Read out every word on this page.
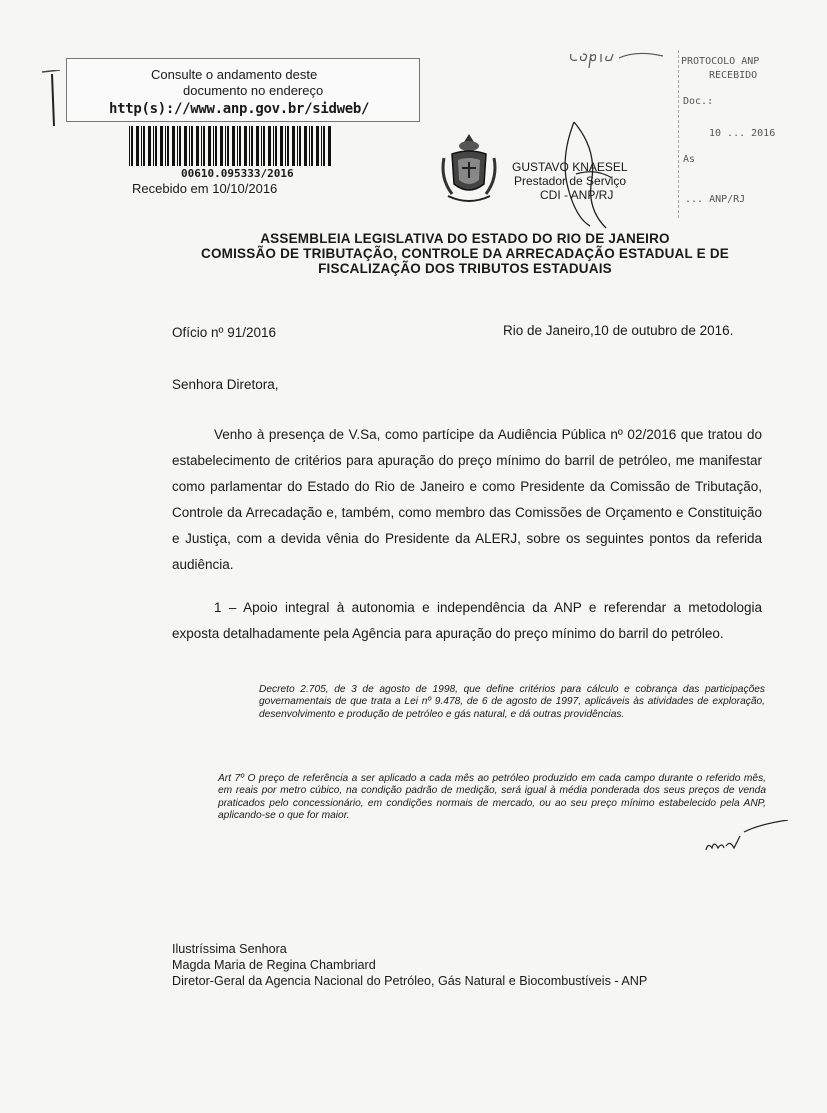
Consulte o andamento deste
documento no endereço
http(s)://www.anp.gov.br/sidweb/
00610.095333/2016
Recebido em 10/10/2016
GUSTAVO KNAESEL
Prestador de Serviço
CDI - ANP/RJ
PROTOCOLO ANP
RECEBIDO
Doc.:
10 ... 2016
As
... ANP/RJ
ASSEMBLEIA LEGISLATIVA DO ESTADO DO RIO DE JANEIRO
COMISSÃO DE TRIBUTAÇÃO, CONTROLE DA ARRECADAÇÃO ESTADUAL E DE
FISCALIZAÇÃO DOS TRIBUTOS ESTADUAIS
Ofício nº 91/2016	Rio de Janeiro,10 de outubro de 2016.
Senhora Diretora,
Venho à presença de V.Sa, como partícipe da Audiência Pública nº 02/2016 que tratou do estabelecimento de critérios para apuração do preço mínimo do barril de petróleo, me manifestar como parlamentar do Estado do Rio de Janeiro e como Presidente da Comissão de Tributação, Controle da Arrecadação e, também, como membro das Comissões de Orçamento e Constituição e Justiça, com a devida vênia do Presidente da ALERJ, sobre os seguintes pontos da referida audiência.
1 – Apoio integral à autonomia e independência da ANP e referendar a metodologia exposta detalhadamente pela Agência para apuração do preço mínimo do barril do petróleo.
Decreto 2.705, de 3 de agosto de 1998, que define critérios para cálculo e cobrança das participações governamentais de que trata a Lei nº 9.478, de 6 de agosto de 1997, aplicáveis às atividades de exploração, desenvolvimento e produção de petróleo e gás natural, e dá outras providências.
Art 7º O preço de referência a ser aplicado a cada mês ao petróleo produzido em cada campo durante o referido mês, em reais por metro cúbico, na condição padrão de medição, será igual à média ponderada dos seus preços de venda praticados pelo concessionário, em condições normais de mercado, ou ao seu preço mínimo estabelecido pela ANP, aplicando-se o que for maior.
Ilustríssima Senhora
Magda Maria de Regina Chambriard
Diretor-Geral da Agencia Nacional do Petróleo, Gás Natural e Biocombustíveis - ANP
